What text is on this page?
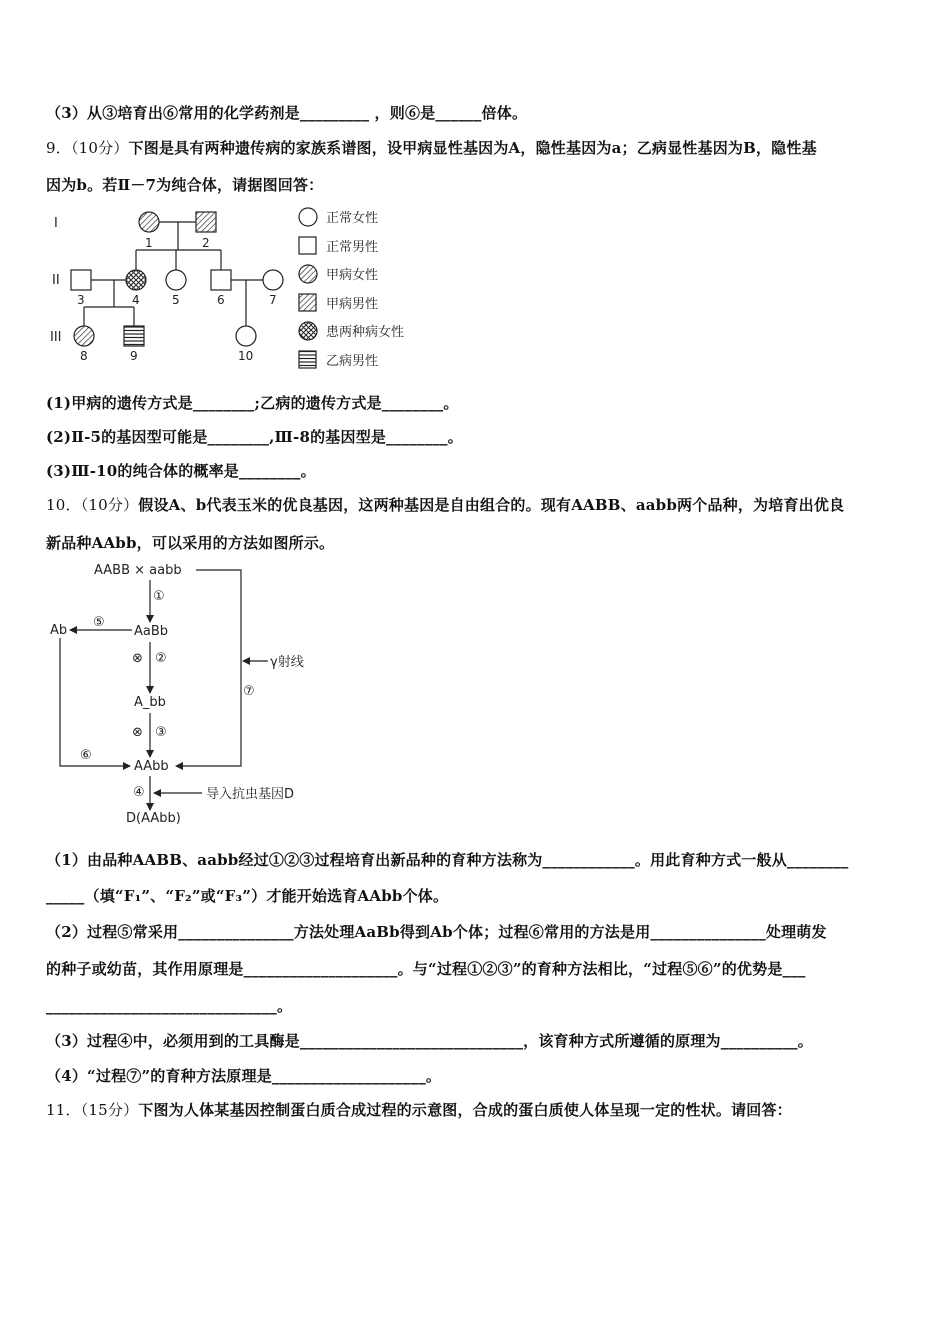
（3）从③培育出⑥常用的化学药剂是_________ ，则⑥是______倍体。
9．（10分）下图是具有两种遗传病的家族系谱图，设甲病显性基因为A，隐性基因为a；乙病显性基因为B，隐性基
因为b。若Ⅱ－7为纯合体，请据图回答：
I
II
III
1	2
3	4	5	6	7
8	9	10
正常女性
正常男性
甲病女性
甲病男性
患两种病女性
乙病男性
(1)甲病的遗传方式是________;乙病的遗传方式是________。
(2)Ⅱ-5的基因型可能是________,Ⅲ-8的基因型是________。
(3)Ⅲ-10的纯合体的概率是________。
10．（10分）假设A、b代表玉米的优良基因，这两种基因是自由组合的。现有AABB、aabb两个品种，为培育出优良
新品种AAbb，可以采用的方法如图所示。
AABB × aabb
AaBb
Ab
A_bb
AAbb
D(AAbb)
γ射线
导入抗虫基因D
①
②
③
④
⑤
⑥
⑦
⊗
⊗
（1）由品种AABB、aabb经过①②③过程培育出新品种的育种方法称为____________。用此育种方式一般从________
_____（填“F₁”、“F₂”或“F₃”）才能开始选育AAbb个体。
（2）过程⑤常采用_______________方法处理AaBb得到Ab个体；过程⑥常用的方法是用_______________处理萌发
的种子或幼苗，其作用原理是____________________。与“过程①②③”的育种方法相比，“过程⑤⑥”的优势是___
______________________________。
（3）过程④中，必须用到的工具酶是_____________________________，该育种方式所遵循的原理为__________。
（4）“过程⑦”的育种方法原理是____________________。
11．（15分）下图为人体某基因控制蛋白质合成过程的示意图，合成的蛋白质使人体呈现一定的性状。请回答：
